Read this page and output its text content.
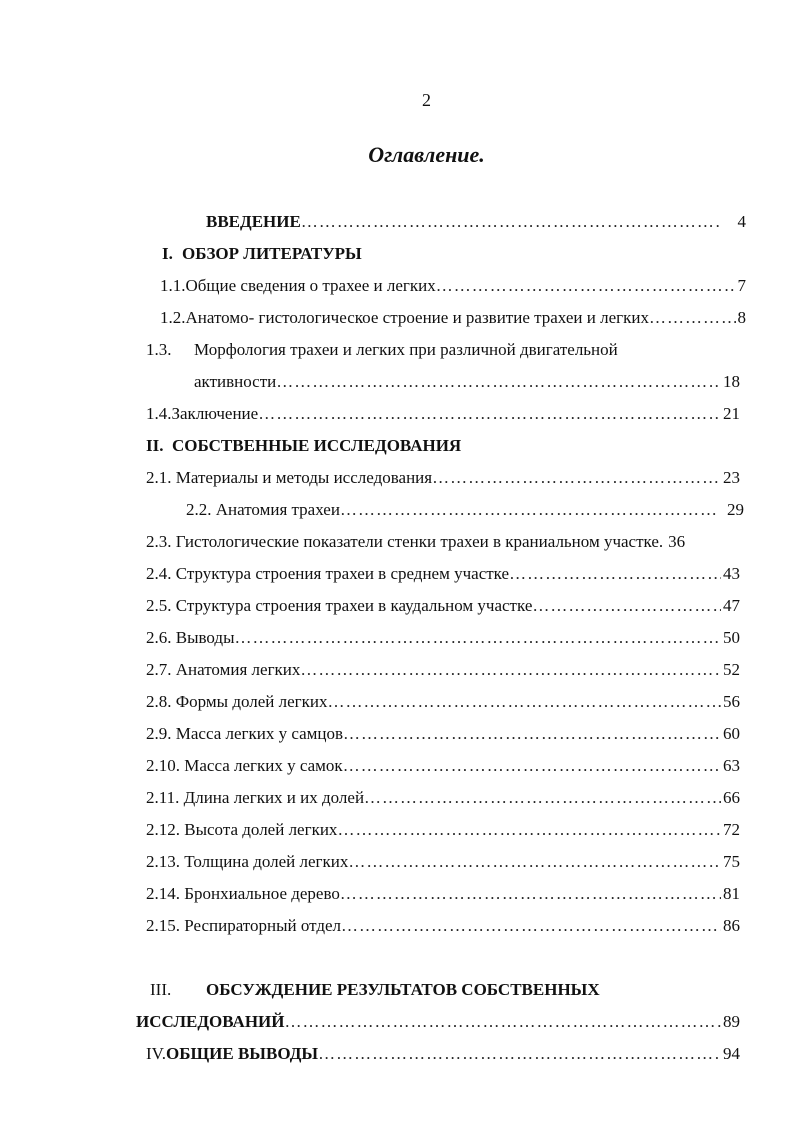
2
Оглавление.
ВВЕДЕНИЕ …………………………………………………………………………………………………………………………………………………………………………………………………………………………………………	4
I. ОБЗОР ЛИТЕРАТУРЫ
1.1. Общие сведения о трахее и легких …………………………………………………………………………………………………………………………………………………………………………………………………………………………………………	7
1.2. Анатомо- гистологическое строение и развитие трахеи и легких …………………………………………………………………………………………………………………………………………………………………………………………………………………………………………	8
1.3.	Морфология трахеи и легких при различной двигательной
активности …………………………………………………………………………………………………………………………………………………………………………………………………………………………………………	18
1.4. Заключение …………………………………………………………………………………………………………………………………………………………………………………………………………………………………………	21
II. СОБСТВЕННЫЕ ИССЛЕДОВАНИЯ
2.1. Материалы и методы исследования …………………………………………………………………………………………………………………………………………………………………………………………………………………………………………	23
2.2. Анатомия трахеи …………………………………………………………………………………………………………………………………………………………………………………………………………………………………………	29
2.3. Гистологические показатели стенки трахеи в краниальном участке. 36
2.4. Структура строения трахеи в среднем участке …………………………………………………………………………………………………………………………………………………………………………………………………………………………………………	43
2.5. Структура строения трахеи в каудальном участке …………………………………………………………………………………………………………………………………………………………………………………………………………………………………………	47
2.6. Выводы …………………………………………………………………………………………………………………………………………………………………………………………………………………………………………	50
2.7. Анатомия легких …………………………………………………………………………………………………………………………………………………………………………………………………………………………………………	52
2.8. Формы долей легких …………………………………………………………………………………………………………………………………………………………………………………………………………………………………………	56
2.9. Масса легких у самцов …………………………………………………………………………………………………………………………………………………………………………………………………………………………………………	60
2.10. Масса легких у самок …………………………………………………………………………………………………………………………………………………………………………………………………………………………………………	63
2.11. Длина легких и их долей …………………………………………………………………………………………………………………………………………………………………………………………………………………………………………	66
2.12. Высота долей легких …………………………………………………………………………………………………………………………………………………………………………………………………………………………………………	72
2.13. Толщина долей легких …………………………………………………………………………………………………………………………………………………………………………………………………………………………………………	75
2.14. Бронхиальное дерево …………………………………………………………………………………………………………………………………………………………………………………………………………………………………………	81
2.15. Респираторный отдел …………………………………………………………………………………………………………………………………………………………………………………………………………………………………………	86
III.	ОБСУЖДЕНИЕ РЕЗУЛЬТАТОВ СОБСТВЕННЫХ
ИССЛЕДОВАНИЙ …………………………………………………………………………………………………………………………………………………………………………………………………………………………………………	89
IV. ОБЩИЕ ВЫВОДЫ …………………………………………………………………………………………………………………………………………………………………………………………………………………………………………	94
